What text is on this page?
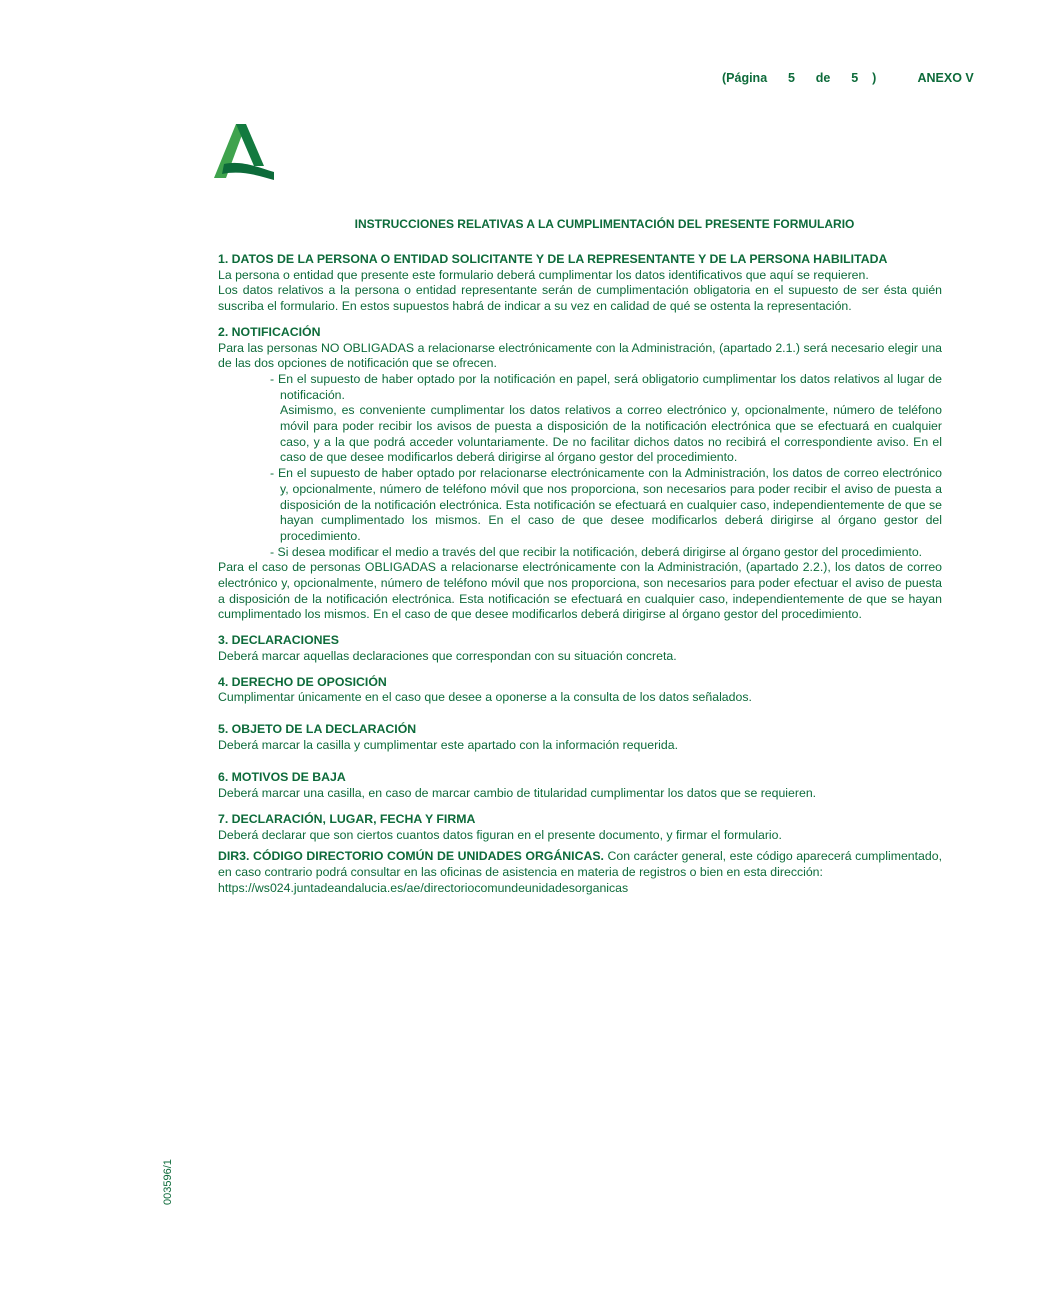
(Página 5 de 5 )	ANEXO V
INSTRUCCIONES RELATIVAS A LA CUMPLIMENTACIÓN DEL PRESENTE FORMULARIO
1. DATOS DE LA PERSONA O ENTIDAD SOLICITANTE Y DE LA REPRESENTANTE Y DE LA PERSONA HABILITADA

La persona o entidad que presente este formulario deberá cumplimentar los datos identificativos que aquí se requieren.

Los datos relativos a la persona o entidad representante serán de cumplimentación obligatoria en el supuesto de ser ésta quién suscriba el formulario. En estos supuestos habrá de indicar a su vez en calidad de qué se ostenta la representación.

2. NOTIFICACIÓN

Para las personas NO OBLIGADAS a relacionarse electrónicamente con la Administración, (apartado 2.1.) será necesario elegir una de las dos opciones de notificación que se ofrecen.

- En el supuesto de haber optado por la notificación en papel, será obligatorio cumplimentar los datos relativos al lugar de notificación.
Asimismo, es conveniente cumplimentar los datos relativos a correo electrónico y, opcionalmente, número de teléfono móvil para poder recibir los avisos de puesta a disposición de la notificación electrónica que se efectuará en cualquier caso, y a la que podrá acceder voluntariamente. De no facilitar dichos datos no recibirá el correspondiente aviso. En el caso de que desee modificarlos deberá dirigirse al órgano gestor del procedimiento.
- En el supuesto de haber optado por relacionarse electrónicamente con la Administración, los datos de correo electrónico y, opcionalmente, número de teléfono móvil que nos proporciona, son necesarios para poder recibir el aviso de puesta a disposición de la notificación electrónica. Esta notificación se efectuará en cualquier caso, independientemente de que se hayan cumplimentado los mismos. En el caso de que desee modificarlos deberá dirigirse al órgano gestor del procedimiento.
- Si desea modificar el medio a través del que recibir la notificación, deberá dirigirse al órgano gestor del procedimiento.

Para el caso de personas OBLIGADAS a relacionarse electrónicamente con la Administración, (apartado 2.2.), los datos de correo electrónico y, opcionalmente, número de teléfono móvil que nos proporciona, son necesarios para poder efectuar el aviso de puesta a disposición de la notificación electrónica. Esta notificación se efectuará en cualquier caso, independientemente de que se hayan cumplimentado los mismos. En el caso de que desee modificarlos deberá dirigirse al órgano gestor del procedimiento.

3. DECLARACIONES

Deberá marcar aquellas declaraciones que correspondan con su situación concreta.

4. DERECHO DE OPOSICIÓN

Cumplimentar únicamente en el caso que desee a oponerse a la consulta de los datos señalados.

5. OBJETO DE LA DECLARACIÓN

Deberá marcar la casilla y cumplimentar este apartado con la información requerida.

6. MOTIVOS DE BAJA

Deberá marcar una casilla, en caso de marcar cambio de titularidad cumplimentar los datos que se requieren.

7. DECLARACIÓN, LUGAR, FECHA Y FIRMA

Deberá declarar que son ciertos cuantos datos figuran en el presente documento, y firmar el formulario.

DIR3. CÓDIGO DIRECTORIO COMÚN DE UNIDADES ORGÁNICAS. Con carácter general, este código aparecerá cumplimentado, en caso contrario podrá consultar en las oficinas de asistencia en materia de registros o bien en esta dirección:

https://ws024.juntadeandalucia.es/ae/directoriocomundeunidadesorganicas

003596/1
